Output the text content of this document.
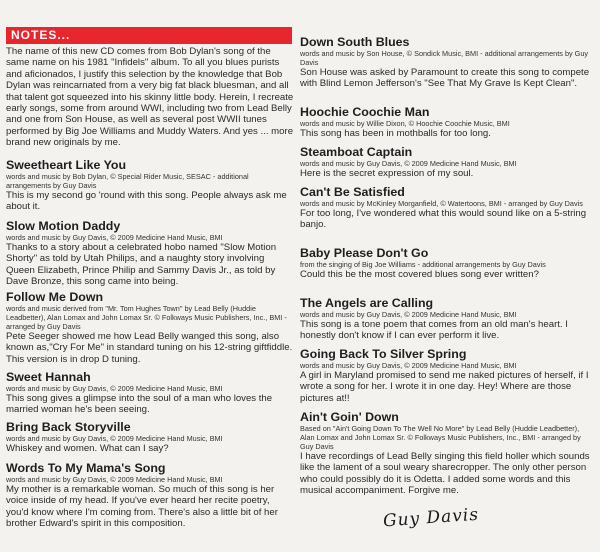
NOTES...
The name of this new CD comes from Bob Dylan's song of the same name on his 1981 "Infidels" album. To all you blues purists and aficionados, I justify this selection by the knowledge that Bob Dylan was reincarnated from a very big fat black bluesman, and all that talent got squeezed into his skinny little body. Herein, I recreate early songs, some from around WWI, including two from Lead Belly and one from Son House, as well as several post WWII tunes performed by Big Joe Williams and Muddy Waters. And yes ... more brand new originals by me.
Sweetheart Like You
words and music by Bob Dylan, © Special Rider Music, SESAC - additional arrangements by Guy Davis
This is my second go 'round with this song. People always ask me about it.
Slow Motion Daddy
words and music by Guy Davis, © 2009 Medicine Hand Music, BMI
Thanks to a story about a celebrated hobo named "Slow Motion Shorty" as told by Utah Philips, and a naughty story involving Queen Elizabeth, Prince Philip and Sammy Davis Jr., as told by Dave Bronze, this song came into being.
Follow Me Down
words and music derived from "Mr. Tom Hughes Town" by Lead Belly (Huddie Leadbetter), Alan Lomax and John Lomax Sr. © Folkways Music Publishers, Inc., BMI - arranged by Guy Davis
Pete Seeger showed me how Lead Belly wanged this song, also known as,"Cry For Me" in standard tuning on his 12-string giftfiddle. This version is in drop D tuning.
Sweet Hannah
words and music by Guy Davis, © 2009 Medicine Hand Music, BMI
This song gives a glimpse into the soul of a man who loves the married woman he's been seeing.
Bring Back Storyville
words and music by Guy Davis, © 2009 Medicine Hand Music, BMI
Whiskey and women. What can I say?
Words To My Mama's Song
words and music by Guy Davis, © 2009 Medicine Hand Music, BMI
My mother is a remarkable woman. So much of this song is her voice inside of my head. If you've ever heard her recite poetry, you'd know where I'm coming from. There's also a little bit of her brother Edward's spirit in this composition.
Down South Blues
words and music by Son House, © Sondick Music, BMI - additional arrangements by Guy Davis
Son House was asked by Paramount to create this song to compete with Blind Lemon Jefferson's "See That My Grave Is Kept Clean".
Hoochie Coochie Man
words and music by Willie Dixon, © Hoochie Coochie Music, BMI
This song has been in mothballs for too long.
Steamboat Captain
words and music by Guy Davis, © 2009 Medicine Hand Music, BMI
Here is the secret expression of my soul.
Can't Be Satisfied
words and music by McKinley Morganfield, © Watertoons, BMI - arranged by Guy Davis
For too long, I've wondered what this would sound like on a 5-string banjo.
Baby Please Don't Go
from the singing of Big Joe Williams - additional arrangements by Guy Davis
Could this be the most covered blues song ever written?
The Angels are Calling
words and music by Guy Davis, © 2009 Medicine Hand Music, BMI
This song is a tone poem that comes from an old man's heart. I honestly don't know if I can ever perform it live.
Going Back To Silver Spring
words and music by Guy Davis, © 2009 Medicine Hand Music, BMI
A girl in Maryland promised to send me naked pictures of herself, if I wrote a song for her. I wrote it in one day. Hey! Where are those pictures at!!
Ain't Goin' Down
Based on "Ain't Going Down To The Well No More" by Lead Belly (Huddie Leadbetter), Alan Lomax and John Lomax Sr. © Folkways Music Publishers, Inc., BMI - arranged by Guy Davis
I have recordings of Lead Belly singing this field holler which sounds like the lament of a soul weary sharecropper. The only other person who could possibly do it is Odetta. I added some words and this musical accompaniment. Forgive me.
Guy Davis
